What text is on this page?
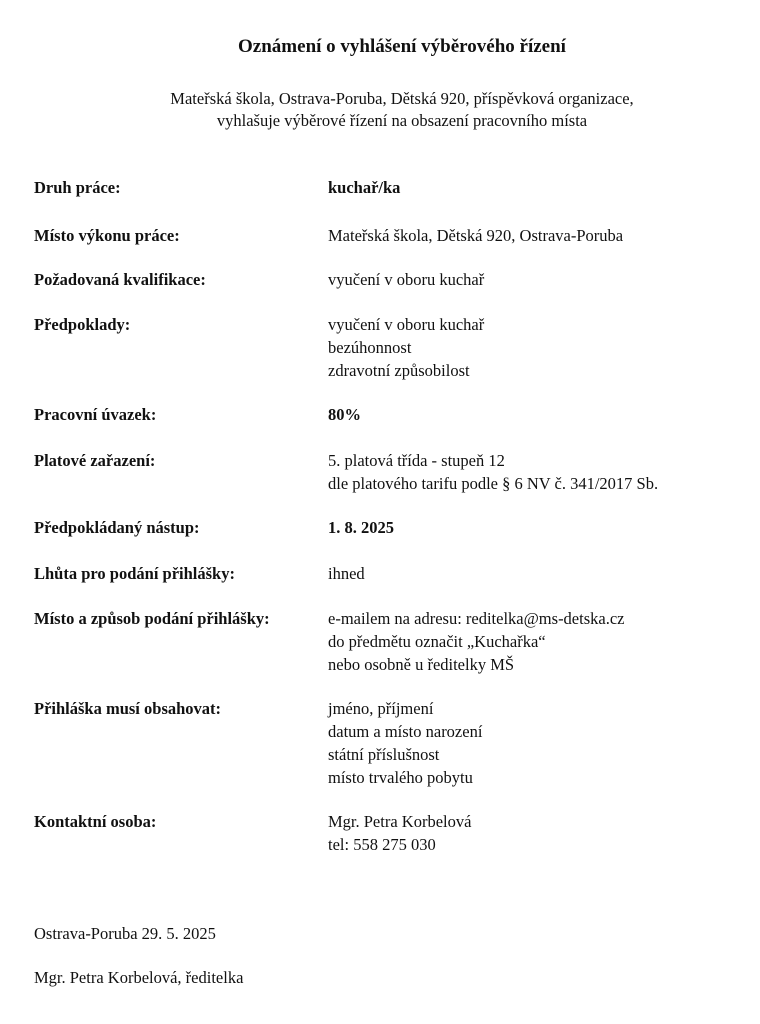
Oznámení o vyhlášení výběrového řízení
Mateřská škola, Ostrava-Poruba, Dětská 920, příspěvková organizace,
vyhlašuje výběrové řízení na obsazení pracovního místa
Druh práce:	kuchař/ka
Místo výkonu práce:	Mateřská škola, Dětská 920, Ostrava-Poruba
Požadovaná kvalifikace:	vyučení v oboru kuchař
Předpoklady:	vyučení v oboru kuchař
bezúhonnost
zdravotní způsobilost
Pracovní úvazek:	80%
Platové zařazení:	5. platová třída - stupeň 12
dle platového tarifu podle § 6 NV č. 341/2017 Sb.
Předpokládaný nástup:	1. 8. 2025
Lhůta pro podání přihlášky:	ihned
Místo a způsob podání přihlášky:	e-mailem na adresu: reditelka@ms-detska.cz
do předmětu označit „Kuchařka“
nebo osobně u ředitelky MŠ
Přihláška musí obsahovat:	jméno, příjmení
datum a místo narození
státní příslušnost
místo trvalého pobytu
Kontaktní osoba:	Mgr. Petra Korbelová
tel: 558 275 030
Ostrava-Poruba 29. 5. 2025
Mgr. Petra Korbelová, ředitelka
